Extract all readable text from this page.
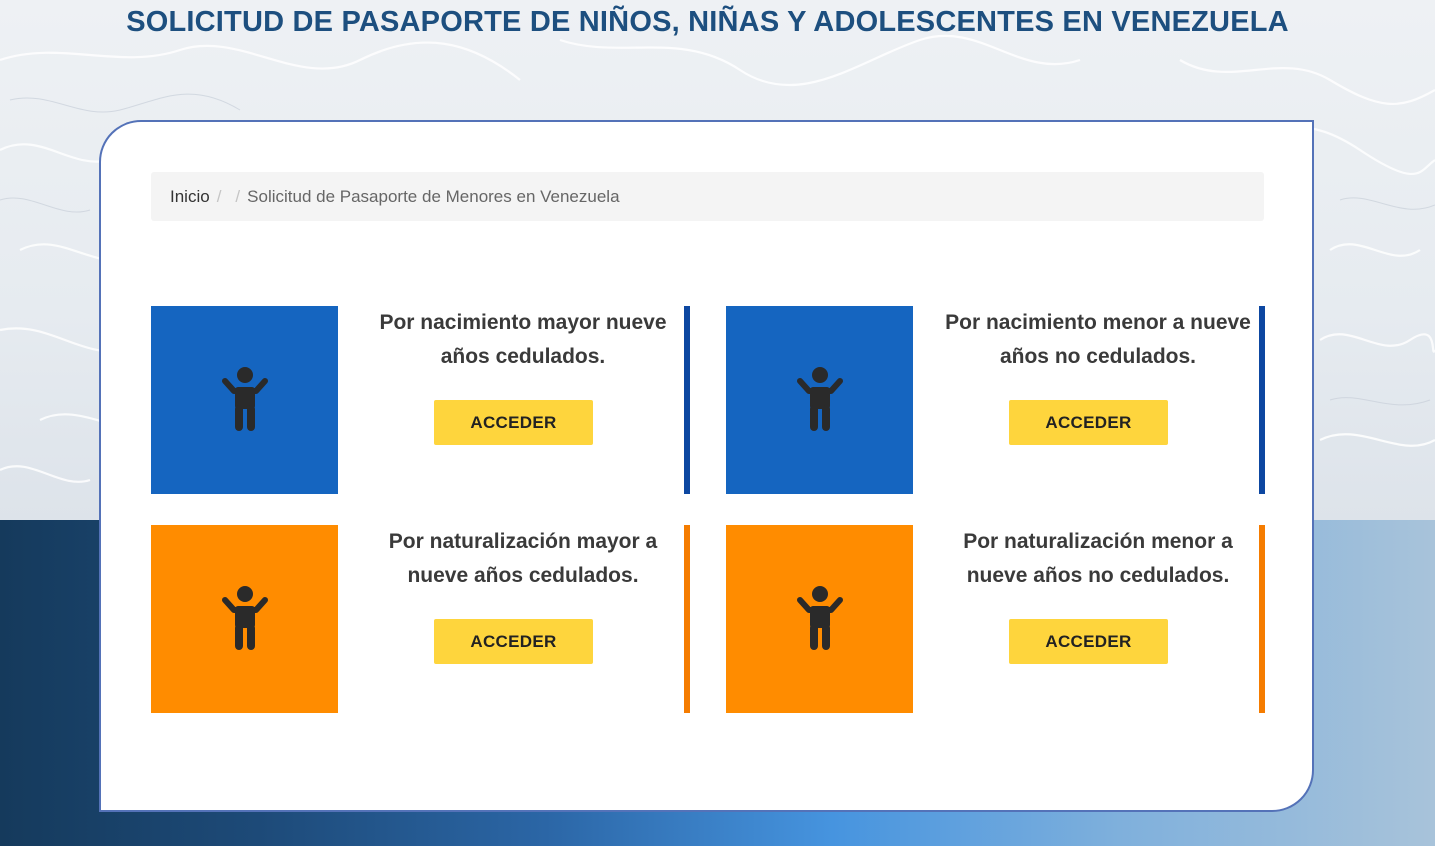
SOLICITUD DE PASAPORTE DE NIÑOS, NIÑAS Y ADOLESCENTES EN VENEZUELA
Inicio / / Solicitud de Pasaporte de Menores en Venezuela

Por nacimiento mayor nueve años cedulados.

ACCEDER

Por nacimiento menor a nueve años no cedulados.

ACCEDER

Por naturalización mayor a nueve años cedulados.

ACCEDER

Por naturalización menor a nueve años no cedulados.

ACCEDER
